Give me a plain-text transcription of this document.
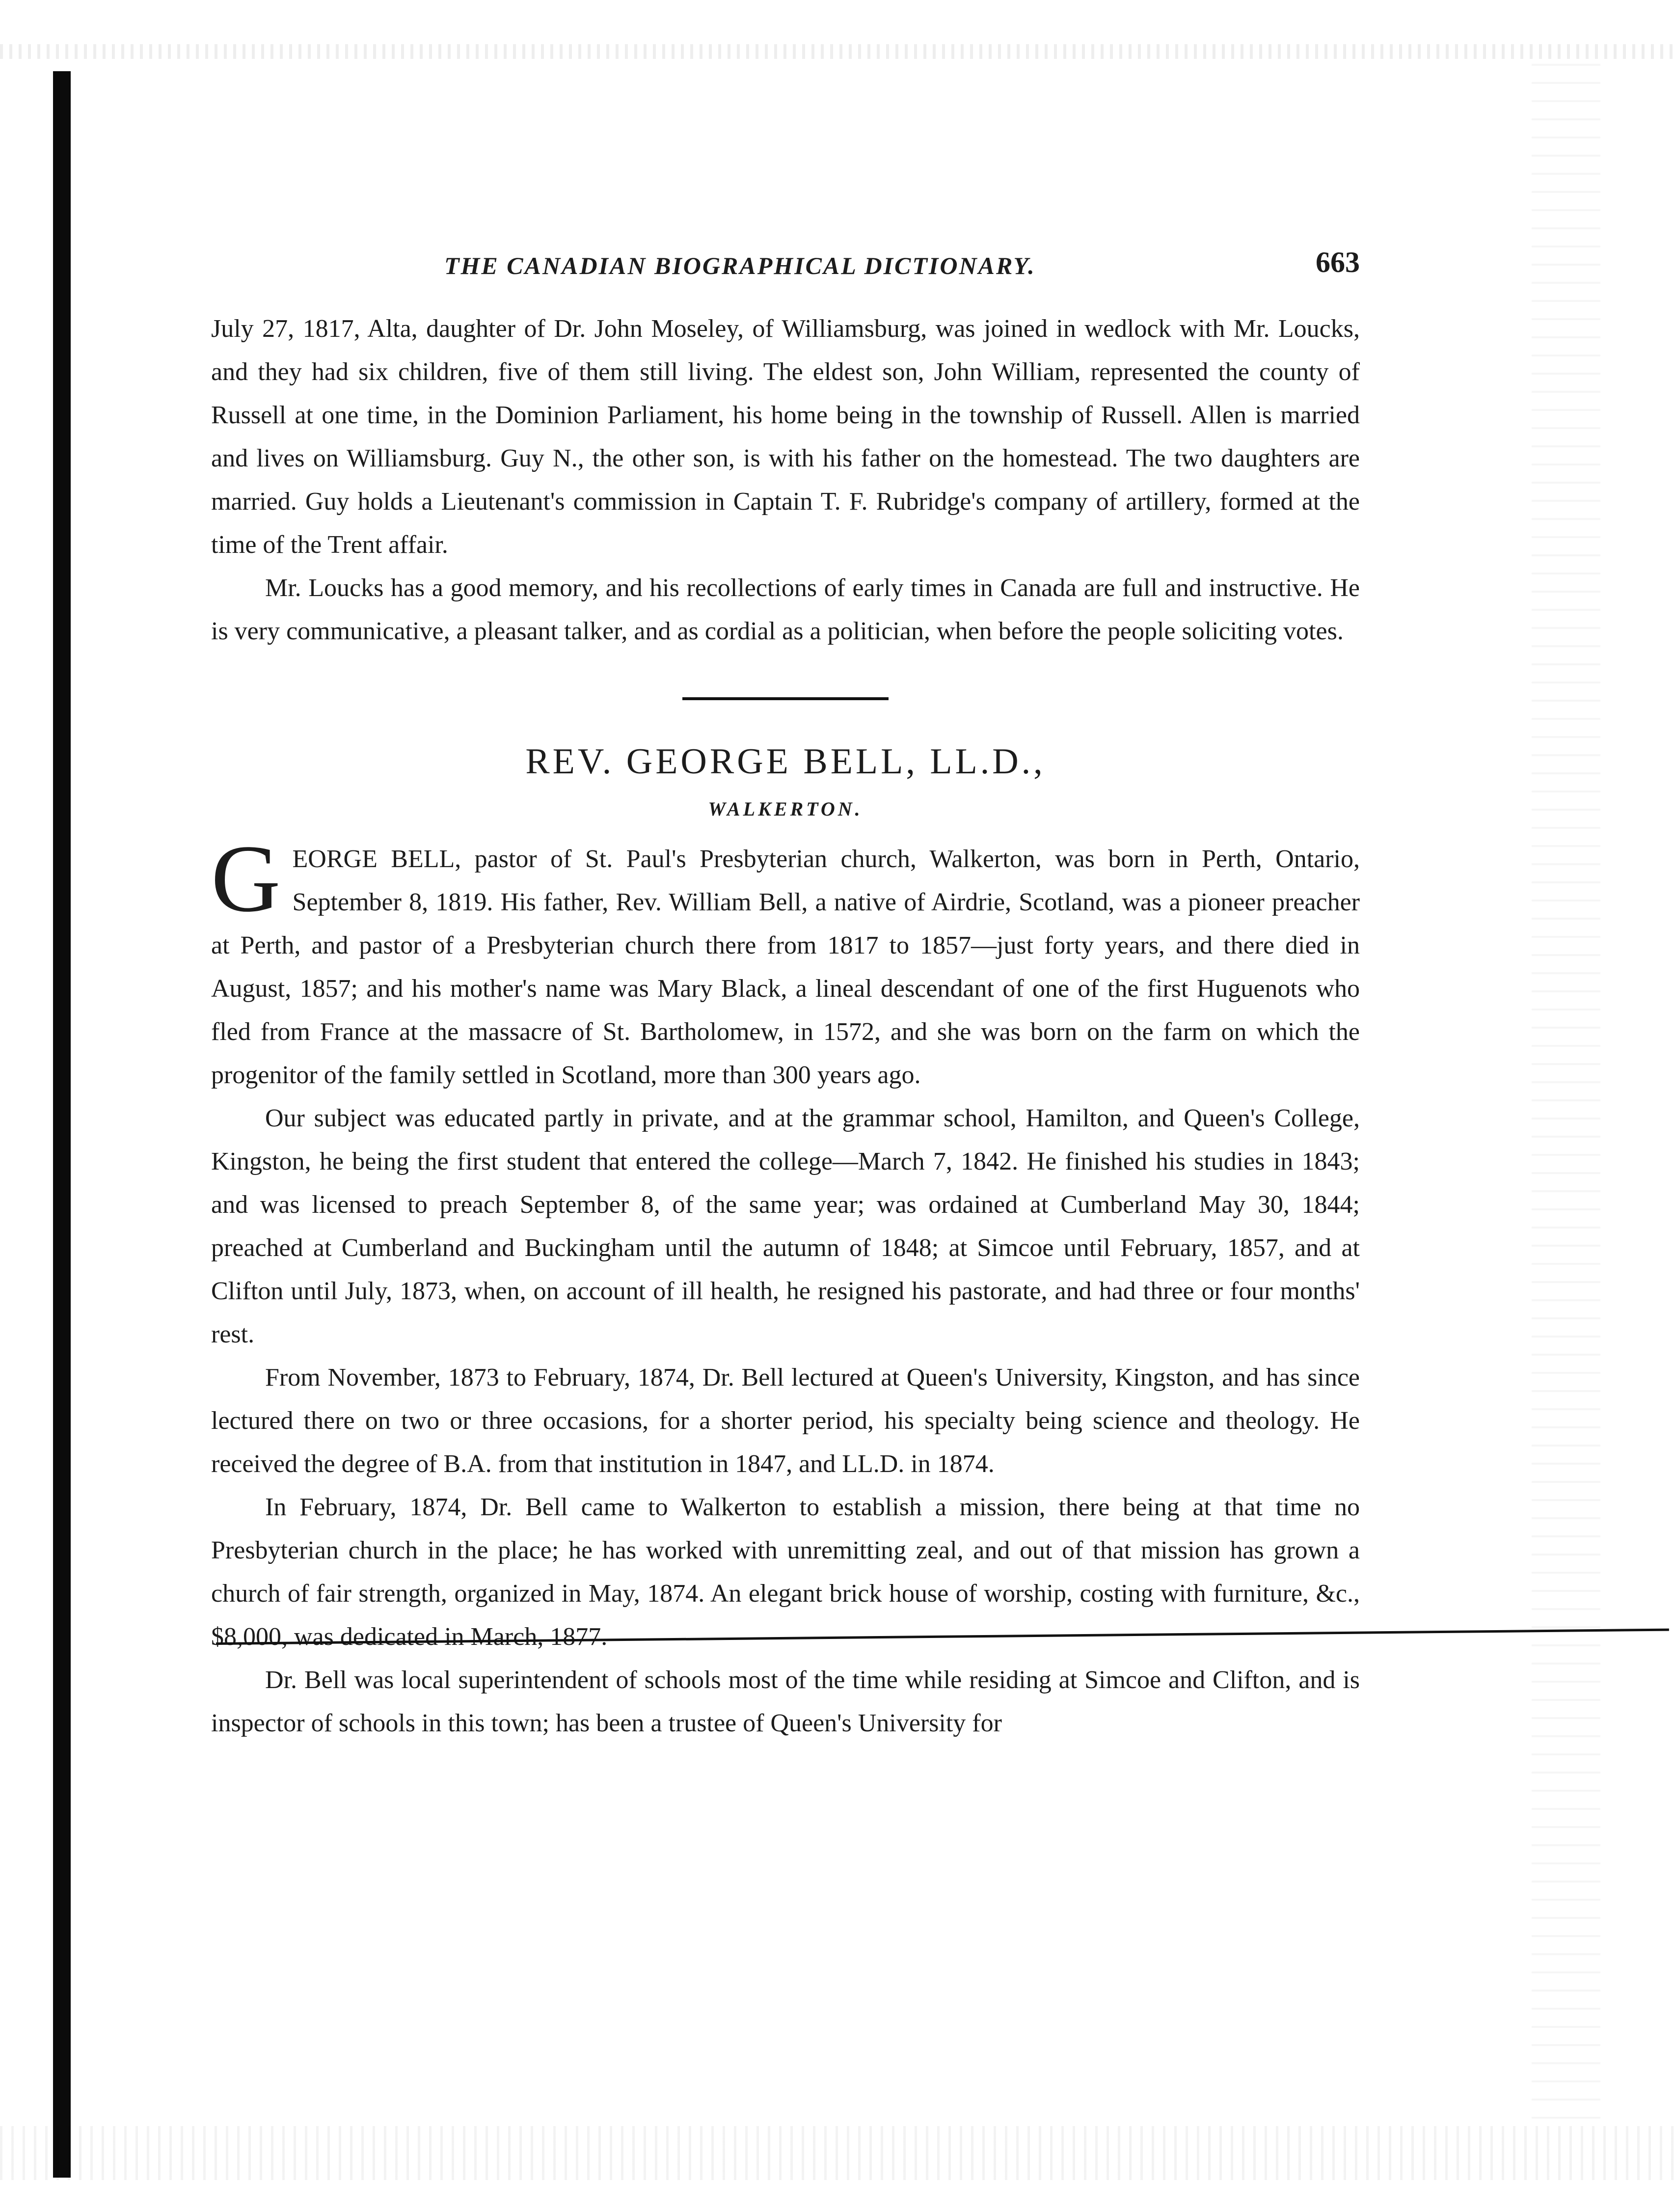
THE CANADIAN BIOGRAPHICAL DICTIONARY.	663

July 27, 1817, Alta, daughter of Dr. John Moseley, of Williamsburg, was joined in wedlock with Mr. Loucks, and they had six children, five of them still living. The eldest son, John William, represented the county of Russell at one time, in the Dominion Parliament, his home being in the township of Russell. Allen is married and lives on Williamsburg. Guy N., the other son, is with his father on the homestead. The two daughters are married. Guy holds a Lieutenant's commission in Captain T. F. Rubridge's company of artillery, formed at the time of the Trent affair.

Mr. Loucks has a good memory, and his recollections of early times in Canada are full and instructive. He is very communicative, a pleasant talker, and as cordial as a politician, when before the people soliciting votes.

REV. GEORGE BELL, LL.D.,
WALKERTON.

GEORGE BELL, pastor of St. Paul's Presbyterian church, Walkerton, was born in Perth, Ontario, September 8, 1819. His father, Rev. William Bell, a native of Airdrie, Scotland, was a pioneer preacher at Perth, and pastor of a Presbyterian church there from 1817 to 1857—just forty years, and there died in August, 1857; and his mother's name was Mary Black, a lineal descendant of one of the first Huguenots who fled from France at the massacre of St. Bartholomew, in 1572, and she was born on the farm on which the progenitor of the family settled in Scotland, more than 300 years ago.

Our subject was educated partly in private, and at the grammar school, Hamilton, and Queen's College, Kingston, he being the first student that entered the college—March 7, 1842. He finished his studies in 1843; and was licensed to preach September 8, of the same year; was ordained at Cumberland May 30, 1844; preached at Cumberland and Buckingham until the autumn of 1848; at Simcoe until February, 1857, and at Clifton until July, 1873, when, on account of ill health, he resigned his pastorate, and had three or four months' rest.

From November, 1873 to February, 1874, Dr. Bell lectured at Queen's University, Kingston, and has since lectured there on two or three occasions, for a shorter period, his specialty being science and theology. He received the degree of B.A. from that institution in 1847, and LL.D. in 1874.

In February, 1874, Dr. Bell came to Walkerton to establish a mission, there being at that time no Presbyterian church in the place; he has worked with unremitting zeal, and out of that mission has grown a church of fair strength, organized in May, 1874. An elegant brick house of worship, costing with furniture, &c., $8,000, was dedicated in March, 1877.

Dr. Bell was local superintendent of schools most of the time while residing at Simcoe and Clifton, and is inspector of schools in this town; has been a trustee of Queen's University for
